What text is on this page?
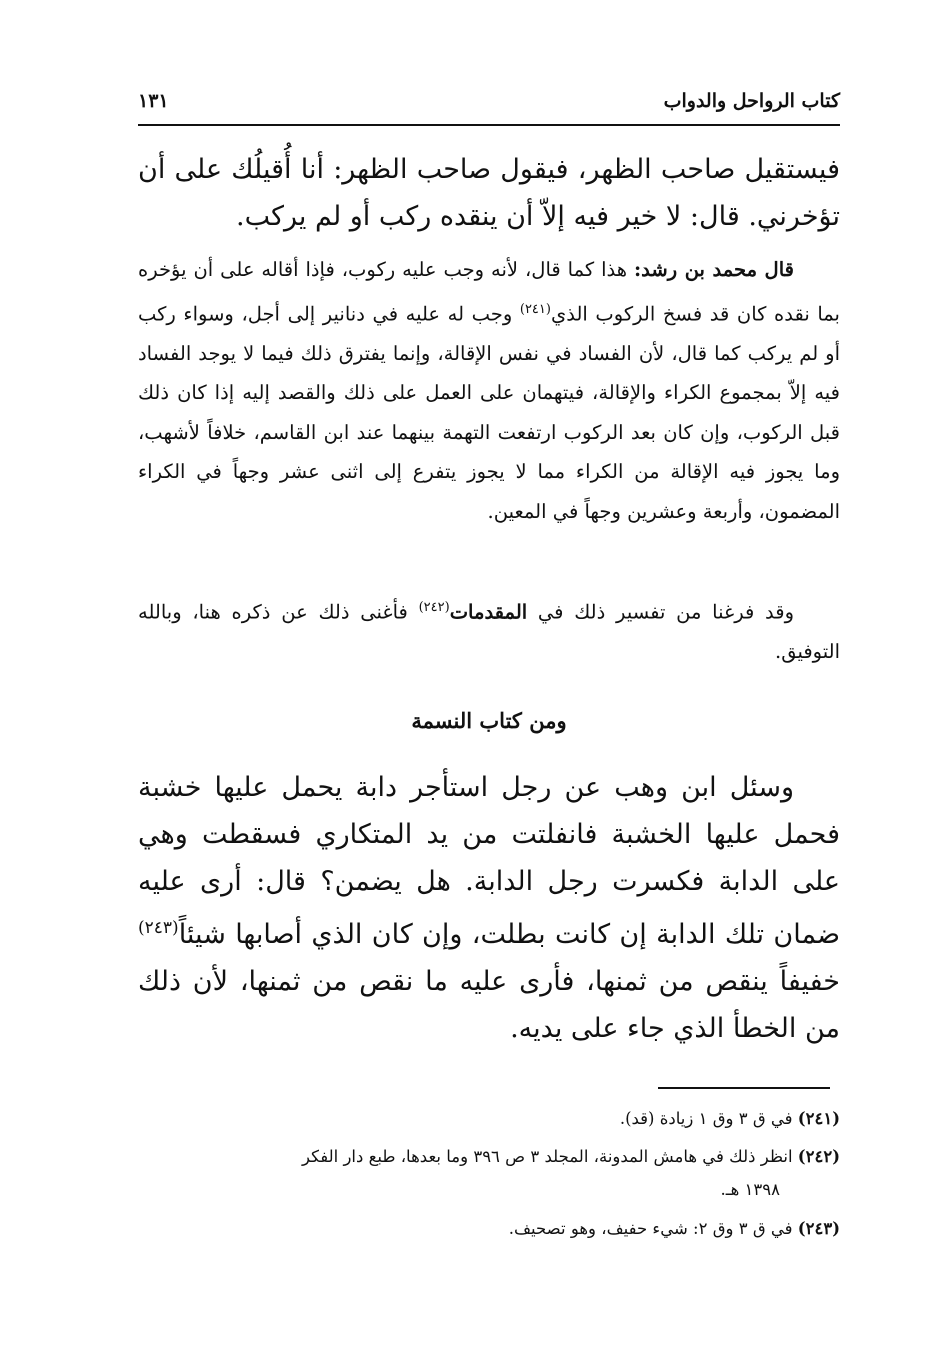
كتاب الرواحل والدواب
١٣١

فيستقيل صاحب الظهر، فيقول صاحب الظهر: أنا أُقيلُك على أن تؤخرني. قال: لا خير فيه إلاّ أن ينقده ركب أو لم يركب.

قال محمد بن رشد: هذا كما قال، لأنه وجب عليه ركوب، فإذا أقاله على أن يؤخره بما نقده كان قد فسخ الركوب الذي$^{(٢٤١)}$ وجب له عليه في دنانير إلى أجل، وسواء ركب أو لم يركب كما قال، لأن الفساد في نفس الإقالة، وإنما يفترق ذلك فيما لا يوجد الفساد فيه إلاّ بمجموع الكراء والإقالة، فيتهمان على العمل على ذلك والقصد إليه إذا كان ذلك قبل الركوب، وإن كان بعد الركوب ارتفعت التهمة بينهما عند ابن القاسم، خلافاً لأشهب، وما يجوز فيه الإقالة من الكراء مما لا يجوز يتفرع إلى اثنى عشر وجهاً في الكراء المضمون، وأربعة وعشرين وجهاً في المعين.

وقد فرغنا من تفسير ذلك في المقدمات$^{(٢٤٢)}$ فأغنى ذلك عن ذكره هنا، وبالله التوفيق.

ومن كتاب النسمة

وسئل ابن وهب عن رجل استأجر دابة يحمل عليها خشبة فحمل عليها الخشبة فانفلتت من يد المتكاري فسقطت وهي على الدابة فكسرت رجل الدابة. هل يضمن؟ قال: أرى عليه ضمان تلك الدابة إن كانت بطلت، وإن كان الذي أصابها شيئاً$^{(٢٤٣)}$ خفيفاً ينقص من ثمنها، فأرى عليه ما نقص من ثمنها، لأن ذلك من الخطأ الذي جاء على يديه.

(٢٤١) في ق ٣ وق ١ زيادة (قد).

(٢٤٢) انظر ذلك في هامش المدونة، المجلد ٣ ص ٣٩٦ وما بعدها، طبع دار الفكر
١٣٩٨ هـ.

(٢٤٣) في ق ٣ وق ٢: شيء حفيف، وهو تصحيف.
